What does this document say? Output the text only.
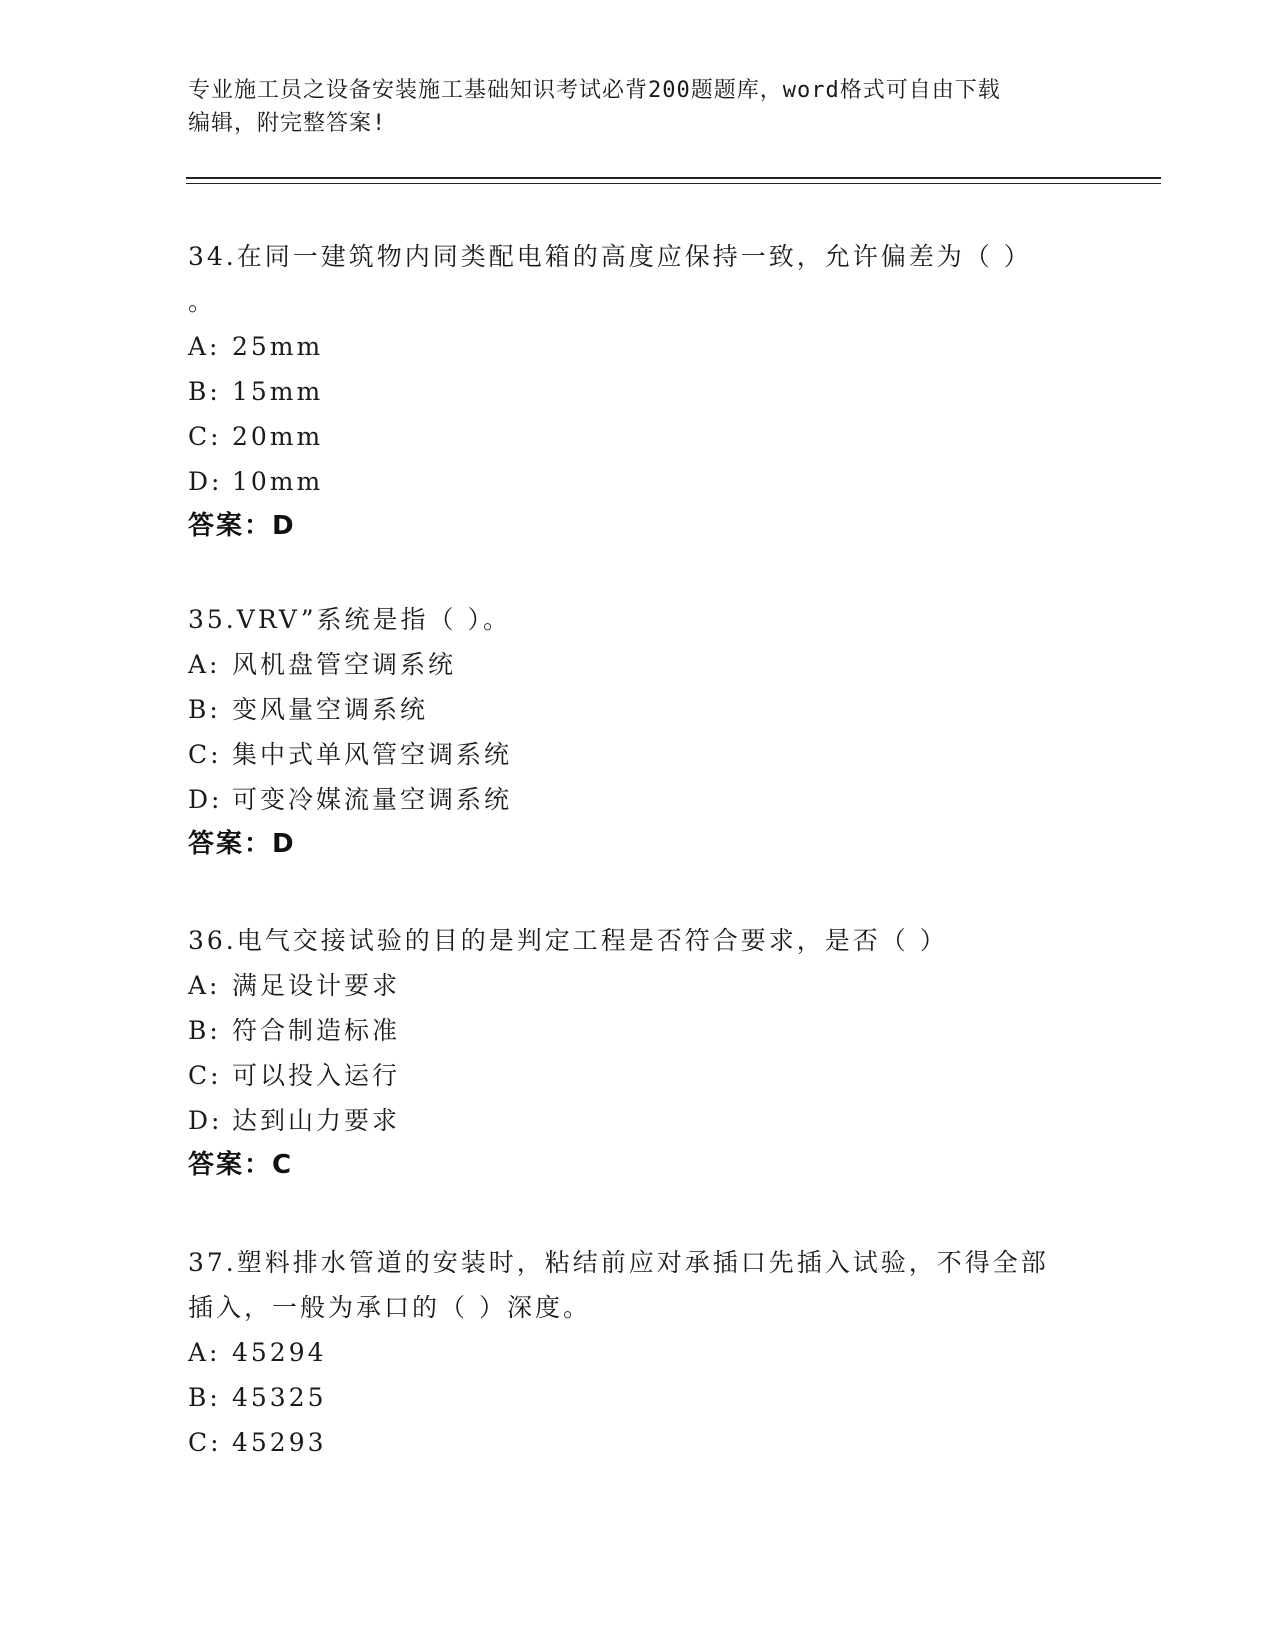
专业施工员之设备安装施工基础知识考试必背200题题库，word格式可自由下载
编辑，附完整答案!
34.在同一建筑物内同类配电箱的高度应保持一致，允许偏差为（ ）
。
A: 25mm
B: 15mm
C: 20mm
D: 10mm
答案：D
35.VRV”系统是指（ ）。
A: 风机盘管空调系统
B: 变风量空调系统
C: 集中式单风管空调系统
D: 可变冷媒流量空调系统
答案：D
36.电气交接试验的目的是判定工程是否符合要求，是否（ ）
A: 满足设计要求
B: 符合制造标准
C: 可以投入运行
D: 达到山力要求
答案：C
37.塑料排水管道的安装时，粘结前应对承插口先插入试验，不得全部
插入，一般为承口的（ ）深度。
A: 45294
B: 45325
C: 45293
